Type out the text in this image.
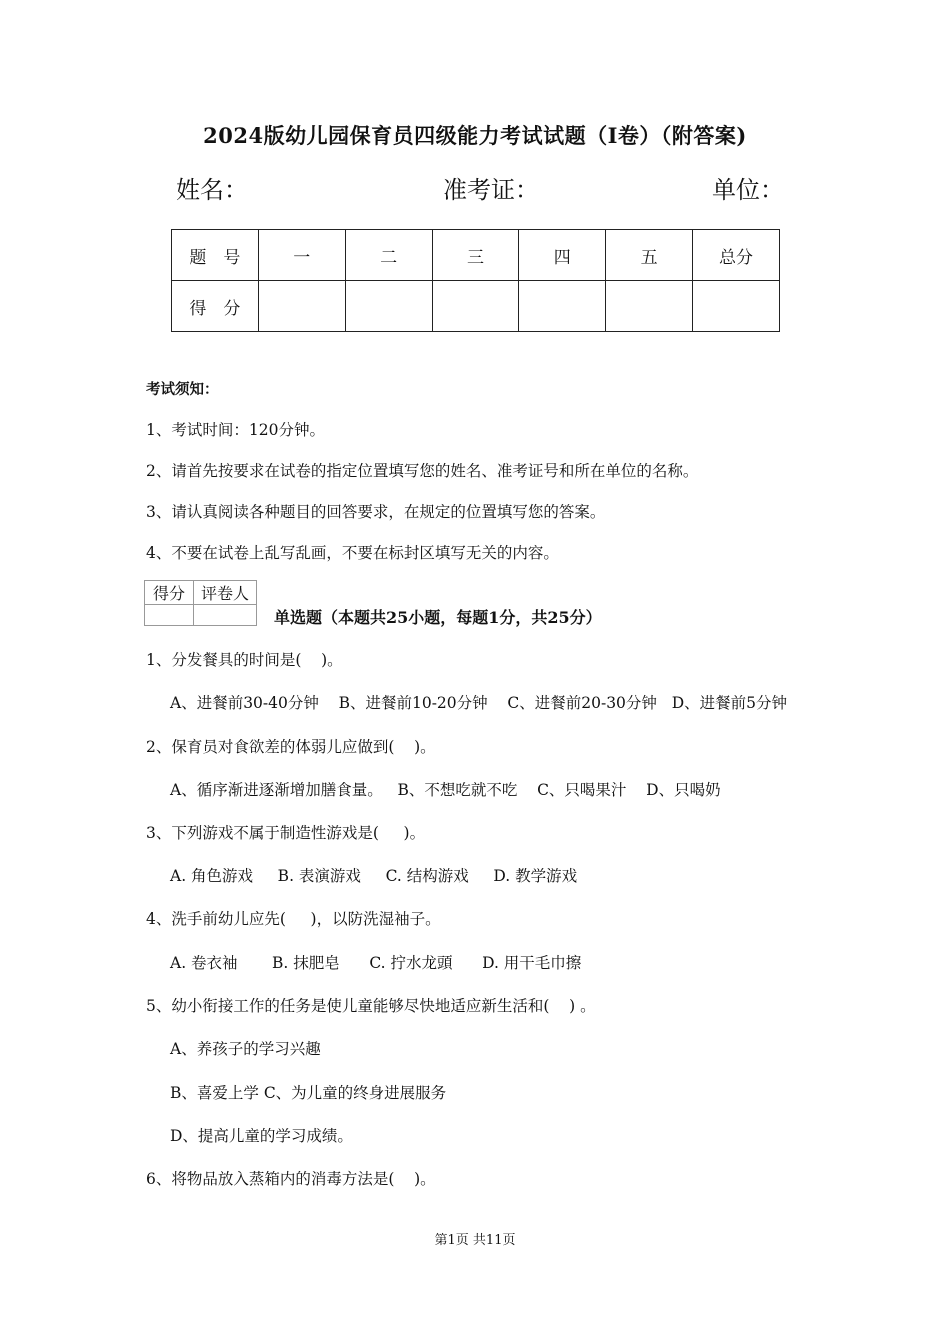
2024版幼儿园保育员四级能力考试试题（I卷）（附答案)
姓名：	准考证：	单位：
题　号	一	二	三	四	五	总分
得　分						
考试须知：
1、考试时间：120分钟。
2、请首先按要求在试卷的指定位置填写您的姓名、准考证号和所在单位的名称。
3、请认真阅读各种题目的回答要求，在规定的位置填写您的答案。
4、不要在试卷上乱写乱画，不要在标封区填写无关的内容。
得分	评卷人

单选题（本题共25小题，每题1分，共25分）
1、分发餐具的时间是(    )。
A、进餐前30-40分钟    B、进餐前10-20分钟    C、进餐前20-30分钟   D、进餐前5分钟
2、保育员对食欲差的体弱儿应做到(    )。
A、循序渐进逐渐增加膳食量。   B、不想吃就不吃    C、只喝果汁    D、只喝奶
3、下列游戏不属于制造性游戏是(     )。
A. 角色游戏     B. 表演游戏     C. 结构游戏     D. 教学游戏
4、洗手前幼儿应先(     )，以防洗湿袖子。
A. 卷衣袖       B. 抹肥皂      C. 拧水龙頭      D. 用干毛巾擦
5、幼小衔接工作的任务是使儿童能够尽快地适应新生活和(    ) 。
A、养孩子的学习兴趣
B、喜爱上学 C、为儿童的终身进展服务
D、提高儿童的学习成绩。
6、将物品放入蒸箱内的消毒方法是(    )。
第1页 共11页
